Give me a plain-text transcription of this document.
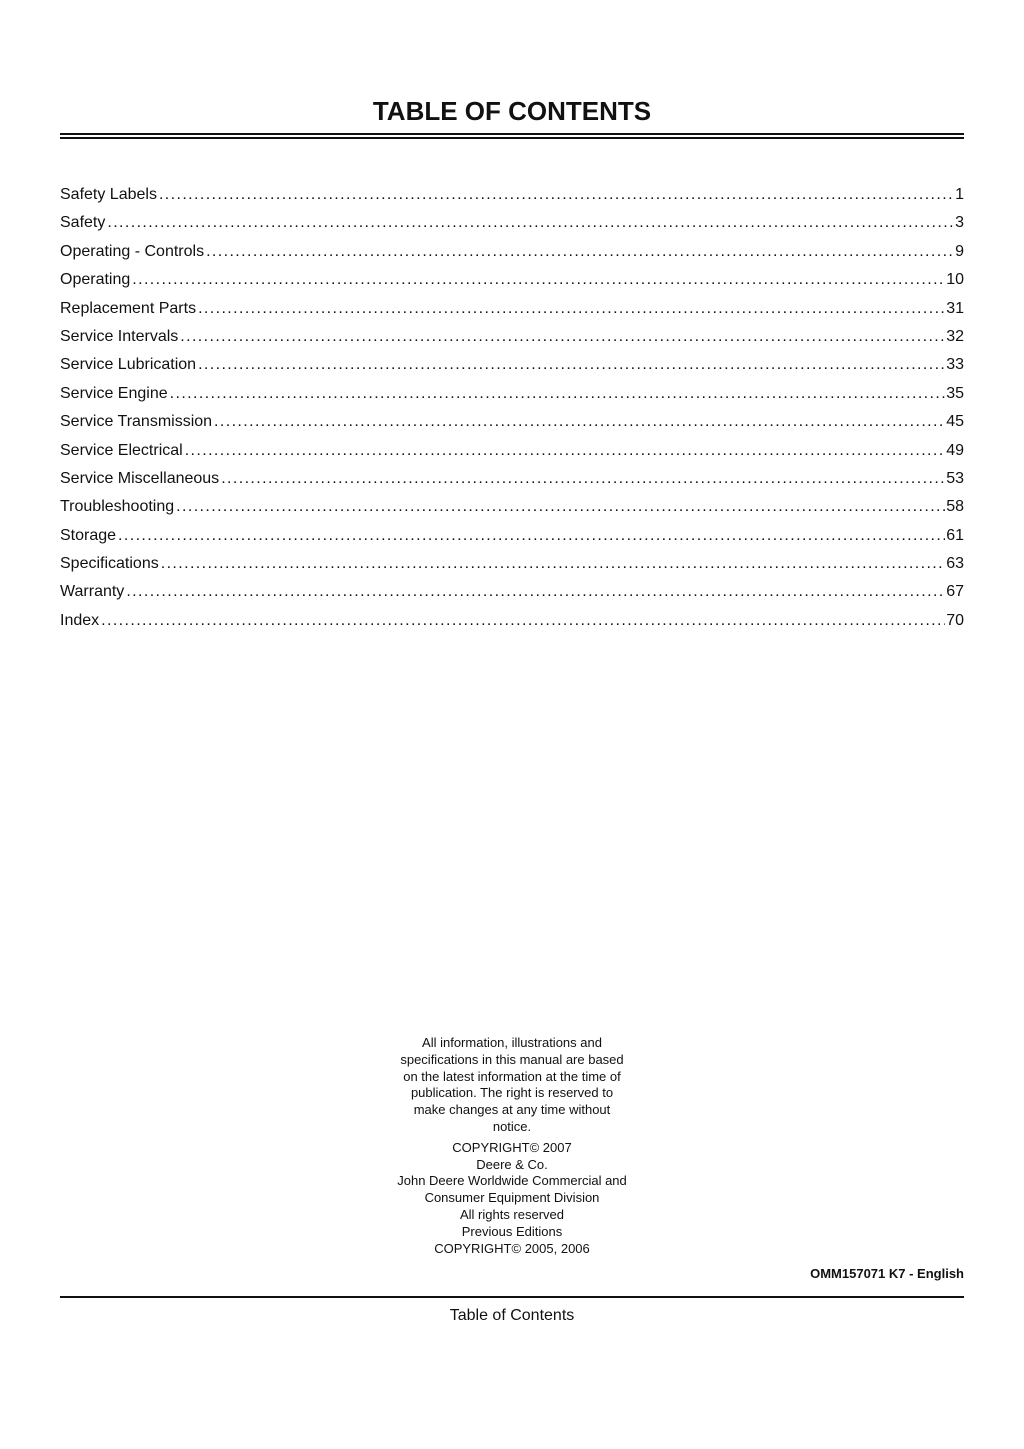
TABLE OF CONTENTS
Safety Labels .....	1
Safety .....	3
Operating - Controls .....	9
Operating .....	10
Replacement Parts .....	31
Service Intervals .....	32
Service Lubrication .....	33
Service Engine .....	35
Service Transmission .....	45
Service Electrical .....	49
Service Miscellaneous .....	53
Troubleshooting .....	58
Storage .....	61
Specifications .....	63
Warranty .....	67
Index .....	70

All information, illustrations and

specifications in this manual are based

on the latest information at the time of

publication. The right is reserved to

make changes at any time without

notice.

COPYRIGHT© 2007

Deere & Co.

John Deere Worldwide Commercial and

Consumer Equipment Division

All rights reserved

Previous Editions

COPYRIGHT© 2005, 2006

OMM157071 K7 - English
Table of Contents
